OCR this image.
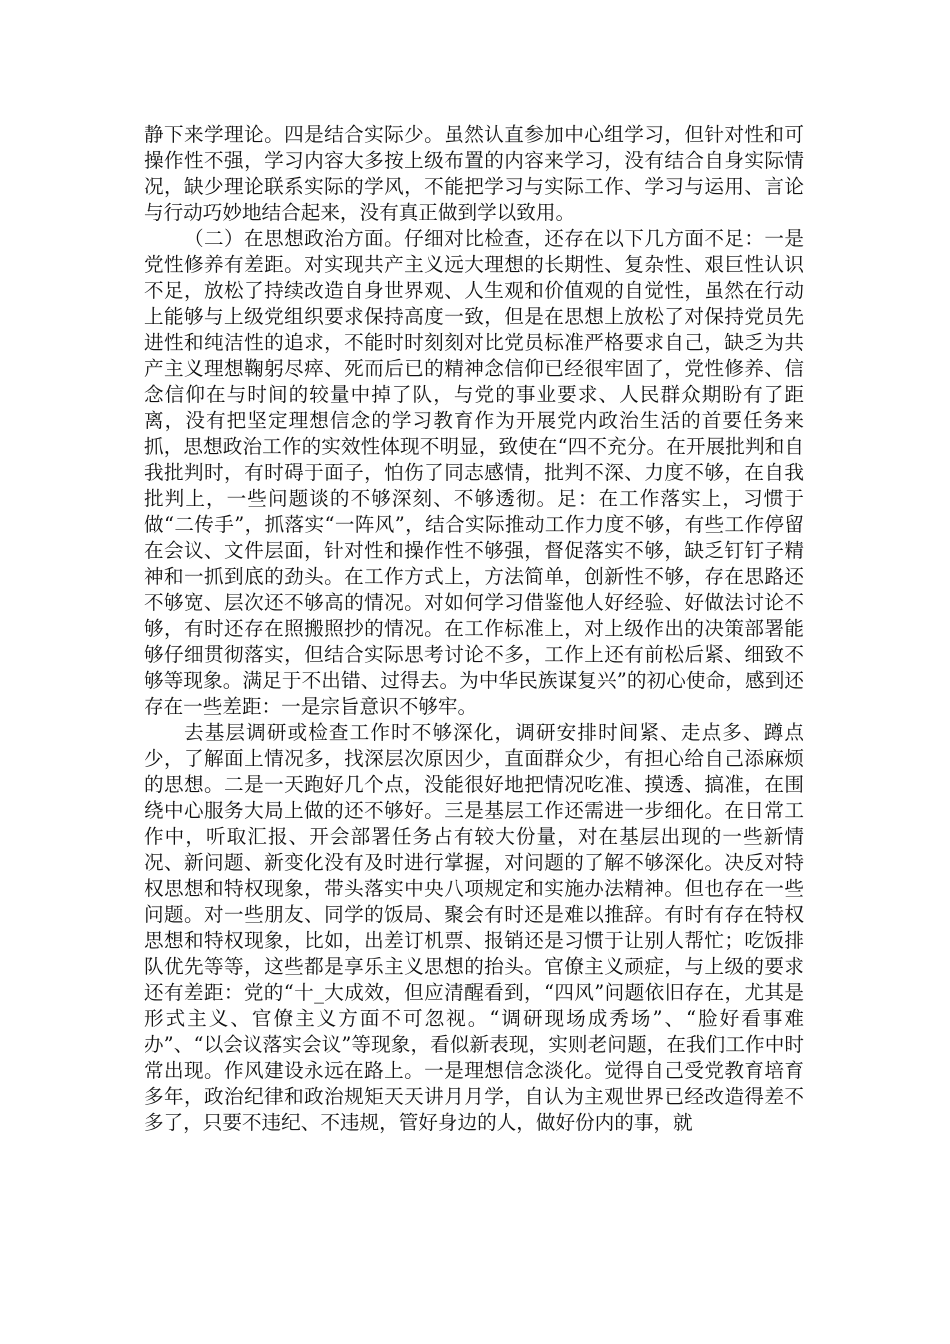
静下来学理论。四是结合实际少。虽然认直参加中心组学习，但针对性和可操作性不强，学习内容大多按上级布置的内容来学习，没有结合自身实际情况，缺少理论联系实际的学风，不能把学习与实际工作、学习与运用、言论与行动巧妙地结合起来，没有真正做到学以致用。

（二）在思想政治方面。仔细对比检查，还存在以下几方面不足：一是党性修养有差距。对实现共产主义远大理想的长期性、复杂性、艰巨性认识不足，放松了持续改造自身世界观、人生观和价值观的自觉性，虽然在行动上能够与上级党组织要求保持高度一致，但是在思想上放松了对保持党员先进性和纯洁性的追求，不能时时刻刻对比党员标准严格要求自己，缺乏为共产主义理想鞠躬尽瘁、死而后已的精神念信仰已经很牢固了，党性修养、信念信仰在与时间的较量中掉了队，与党的事业要求、人民群众期盼有了距离，没有把坚定理想信念的学习教育作为开展党内政治生活的首要任务来抓，思想政治工作的实效性体现不明显，致使在“四不充分。在开展批判和自我批判时，有时碍于面子，怕伤了同志感情，批判不深、力度不够，在自我批判上，一些问题谈的不够深刻、不够透彻。足：在工作落实上，习惯于做“二传手”，抓落实“一阵风”，结合实际推动工作力度不够，有些工作停留在会议、文件层面，针对性和操作性不够强，督促落实不够，缺乏钉钉子精神和一抓到底的劲头。在工作方式上，方法简单，创新性不够，存在思路还不够宽、层次还不够高的情况。对如何学习借鉴他人好经验、好做法讨论不够，有时还存在照搬照抄的情况。在工作标准上，对上级作出的决策部署能够仔细贯彻落实，但结合实际思考讨论不多，工作上还有前松后紧、细致不够等现象。满足于不出错、过得去。为中华民族谋复兴”的初心使命，感到还存在一些差距：一是宗旨意识不够牢。

去基层调研或检查工作时不够深化，调研安排时间紧、走点多、蹲点少，了解面上情况多，找深层次原因少，直面群众少，有担心给自己添麻烦的思想。二是一天跑好几个点，没能很好地把情况吃准、摸透、搞准，在围绕中心服务大局上做的还不够好。三是基层工作还需进一步细化。在日常工作中，听取汇报、开会部署任务占有较大份量，对在基层出现的一些新情况、新问题、新变化没有及时进行掌握，对问题的了解不够深化。决反对特权思想和特权现象，带头落实中央八项规定和实施办法精神。但也存在一些问题。对一些朋友、同学的饭局、聚会有时还是难以推辞。有时有存在特权思想和特权现象，比如，出差订机票、报销还是习惯于让别人帮忙；吃饭排队优先等等，这些都是享乐主义思想的抬头。官僚主义顽症，与上级的要求还有差距：党的“十_大成效，但应清醒看到，“四风”问题依旧存在，尤其是形式主义、官僚主义方面不可忽视。“调研现场成秀场”、“脸好看事难办”、“以会议落实会议”等现象，看似新表现，实则老问题，在我们工作中时常出现。作风建设永远在路上。一是理想信念淡化。觉得自己受党教育培育多年，政治纪律和政治规矩天天讲月月学，自认为主观世界已经改造得差不多了，只要不违纪、不违规，管好身边的人，做好份内的事，就
